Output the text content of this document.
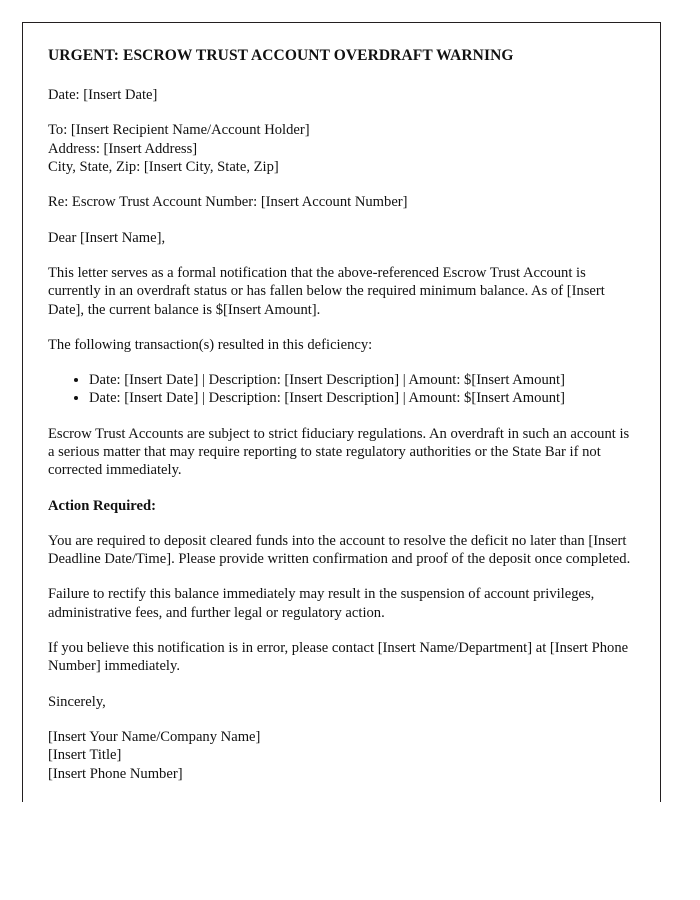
URGENT: ESCROW TRUST ACCOUNT OVERDRAFT WARNING

Date: [Insert Date]

To: [Insert Recipient Name/Account Holder]
Address: [Insert Address]
City, State, Zip: [Insert City, State, Zip]

Re: Escrow Trust Account Number: [Insert Account Number]

Dear [Insert Name],

This letter serves as a formal notification that the above-referenced Escrow Trust Account is currently in an overdraft status or has fallen below the required minimum balance. As of [Insert Date], the current balance is $[Insert Amount].

The following transaction(s) resulted in this deficiency:

• Date: [Insert Date] | Description: [Insert Description] | Amount: $[Insert Amount]
• Date: [Insert Date] | Description: [Insert Description] | Amount: $[Insert Amount]

Escrow Trust Accounts are subject to strict fiduciary regulations. An overdraft in such an account is a serious matter that may require reporting to state regulatory authorities or the State Bar if not corrected immediately.

Action Required:

You are required to deposit cleared funds into the account to resolve the deficit no later than [Insert Deadline Date/Time]. Please provide written confirmation and proof of the deposit once completed.

Failure to rectify this balance immediately may result in the suspension of account privileges, administrative fees, and further legal or regulatory action.

If you believe this notification is in error, please contact [Insert Name/Department] at [Insert Phone Number] immediately.

Sincerely,

[Insert Your Name/Company Name]
[Insert Title]
[Insert Phone Number]
